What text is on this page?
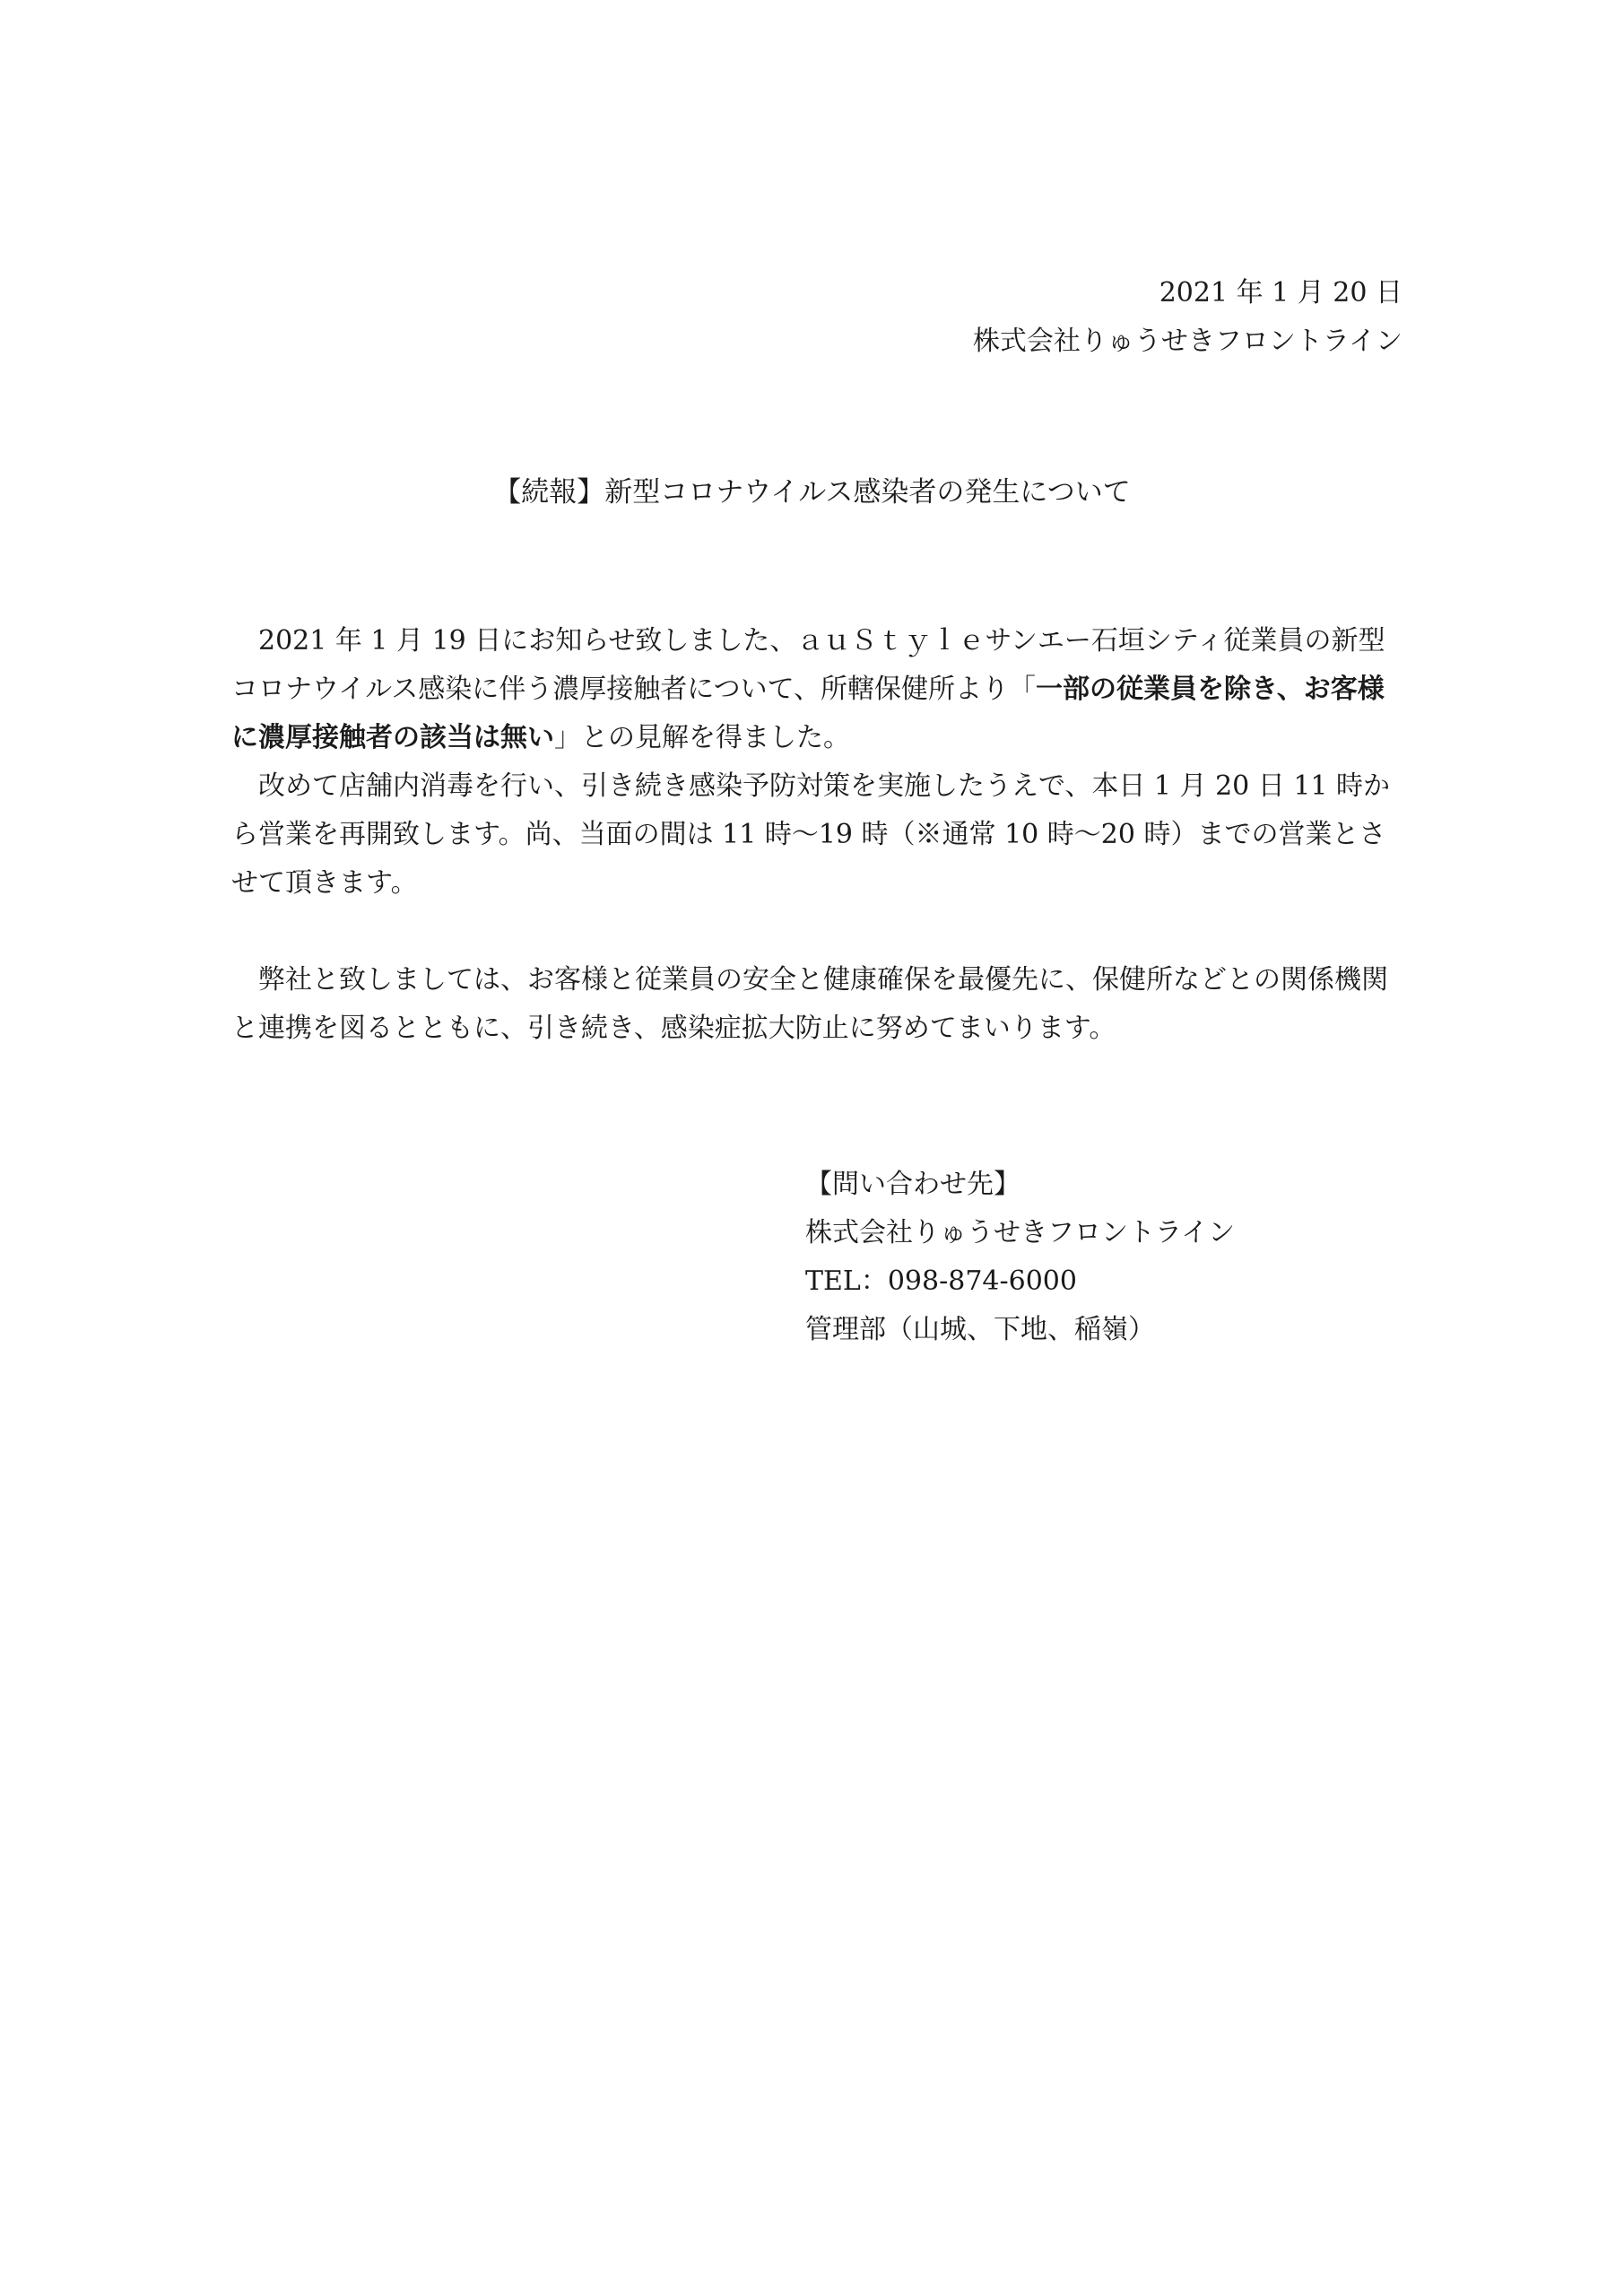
2021 年 1 月 20 日
株式会社りゅうせきフロントライン
【続報】新型コロナウイルス感染者の発生について

2021 年 1 月 19 日にお知らせ致しました、ａｕＳｔｙｌｅサンエー石垣シティ従業員の新型コロナウイルス感染に伴う濃厚接触者について、所轄保健所より「一部の従業員を除き、お客様に濃厚接触者の該当は無い」との見解を得ました。

改めて店舗内消毒を行い、引き続き感染予防対策を実施したうえで、本日 1 月 20 日 11 時から営業を再開致します。尚、当面の間は 11 時～19 時（※通常 10 時～20 時）までの営業とさせて頂きます。

弊社と致しましては、お客様と従業員の安全と健康確保を最優先に、保健所などとの関係機関と連携を図るとともに、引き続き、感染症拡大防止に努めてまいります。

【問い合わせ先】
株式会社りゅうせきフロントライン
TEL：098-874-6000
管理部（山城、下地、稲嶺）
